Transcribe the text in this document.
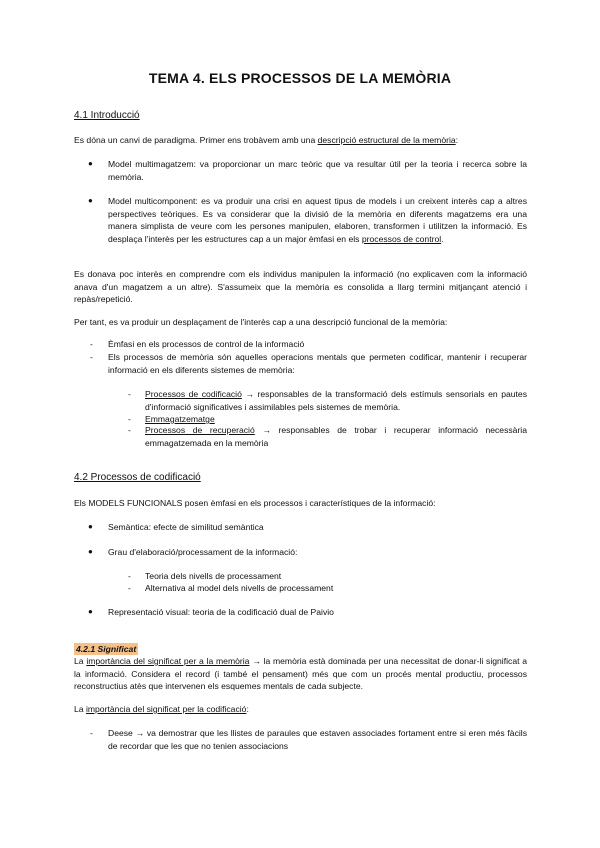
TEMA 4. ELS PROCESSOS DE LA MEMÒRIA
4.1 Introducció
Es dóna un canvi de paradigma. Primer ens trobàvem amb una descripció estructural de la memòria:
● Model multimagatzem: va proporcionar un marc teòric que va resultar útil per la teoria i recerca sobre la memòria.
● Model multicomponent: es va produir una crisi en aquest tipus de models i un creixent interès cap a altres perspectives teòriques. Es va considerar que la divisió de la memòria en diferents magatzems era una manera simplista de veure com les persones manipulen, elaboren, transformen i utilitzen la informació. Es desplaça l'interès per les estructures cap a un major èmfasi en els processos de control.
Es donava poc interès en comprendre com els individus manipulen la informació (no explicaven com la informació anava d'un magatzem a un altre). S'assumeix que la memòria es consolida a llarg termini mitjançant atenció i repàs/repetició.
Per tant, es va produir un desplaçament de l'interès cap a una descripció funcional de la memòria:
- Èmfasi en els processos de control de la informació
- Els processos de memòria són aquelles operacions mentals que permeten codificar, mantenir i recuperar informació en els diferents sistemes de memòria:
- Processos de codificació → responsables de la transformació dels estímuls sensorials en pautes d'informació significatives i assimilables pels sistemes de memòria.
- Emmagatzematge
- Processos de recuperació → responsables de trobar i recuperar informació necessària emmagatzemada en la memòria
4.2 Processos de codificació
Els MODELS FUNCIONALS posen èmfasi en els processos i característiques de la informació:
● Semàntica: efecte de similitud semàntica
● Grau d'elaboració/processament de la informació:
- Teoria dels nivells de processament
- Alternativa al model dels nivells de processament
● Representació visual: teoria de la codificació dual de Paivio
4.2.1 Significat
La importància del significat per a la memòria → la memòria està dominada per una necessitat de donar-li significat a la informació. Considera el record (i també el pensament) més que com un procés mental productiu, processos reconstructius atès que intervenen els esquemes mentals de cada subjecte.
La importància del significat per la codificació:
- Deese → va demostrar que les llistes de paraules que estaven associades fortament entre si eren més fàcils de recordar que les que no tenien associacions
